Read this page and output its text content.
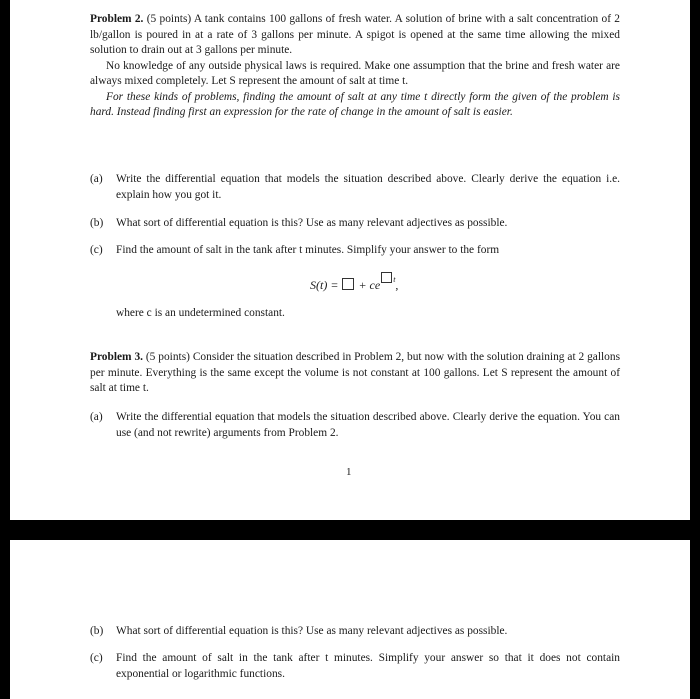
Problem 2. (5 points) A tank contains 100 gallons of fresh water. A solution of brine with a salt concentration of 2 lb/gallon is poured in at a rate of 3 gallons per minute. A spigot is opened at the same time allowing the mixed solution to drain out at 3 gallons per minute.

No knowledge of any outside physical laws is required. Make one assumption that the brine and fresh water are always mixed completely. Let S represent the amount of salt at time t.

For these kinds of problems, finding the amount of salt at any time t directly form the given of the problem is hard. Instead finding first an expression for the rate of change in the amount of salt is easier.

(a) Write the differential equation that models the situation described above. Clearly derive the equation i.e. explain how you got it.
(b) What sort of differential equation is this? Use as many relevant adjectives as possible.
(c) Find the amount of salt in the tank after t minutes. Simplify your answer to the form
S(t) = + ce $^t$,
where c is an undetermined constant.

Problem 3. (5 points) Consider the situation described in Problem 2, but now with the solution draining at 2 gallons per minute. Everything is the same except the volume is not constant at 100 gallons. Let S represent the amount of salt at time t.

(a) Write the differential equation that models the situation described above. Clearly derive the equation. You can use (and not rewrite) arguments from Problem 2.
1
(b) What sort of differential equation is this? Use as many relevant adjectives as possible.
(c) Find the amount of salt in the tank after t minutes. Simplify your answer so that it does not contain exponential or logarithmic functions.
